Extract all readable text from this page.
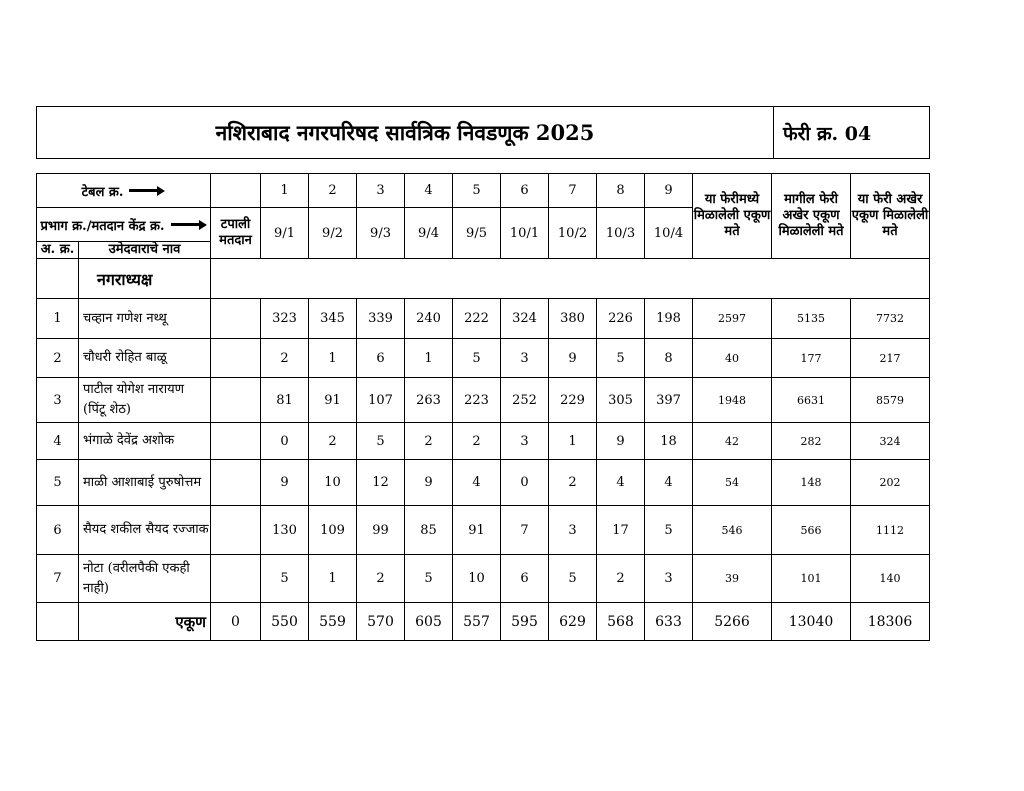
नशिराबाद नगरपरिषद सार्वत्रिक निवडणूक 2025	फेरी क्र. 04
टेबल क्र.			1	2	3	4	5	6	7	8	9	या फेरीमध्ये मिळालेली एकूण मते	मागील फेरी अखेर एकूण मिळालेली मते	या फेरी अखेर एकूण मिळालेली मते

प्रभाग क्र./मतदान केंद्र क्र.		टपाली मतदान	9/1	9/2	9/3	9/4	9/5	10/1	10/2	10/3	10/4			
अ. क्र.	उमेदवाराचे नाव													
	नगराध्यक्ष													
1	चव्हान गणेश नथ्थू		323	345	339	240	222	324	380	226	198	2597	5135	7732
2	चौधरी रोहित बाळू		2	1	6	1	5	3	9	5	8	40	177	217
3	पाटील योगेश नारायण (पिंटू शेठ)		81	91	107	263	223	252	229	305	397	1948	6631	8579
4	भंगाळे देवेंद्र अशोक		0	2	5	2	2	3	1	9	18	42	282	324
5	माळी आशाबाई पुरुषोत्तम		9	10	12	9	4	0	2	4	4	54	148	202
6	सैयद शकील सैयद रज्जाक		130	109	99	85	91	7	3	17	5	546	566	1112
7	नोटा (वरीलपैकी एकही नाही)		5	1	2	5	10	6	5	2	3	39	101	140
	एकूण	0	550	559	570	605	557	595	629	568	633	5266	13040	18306
